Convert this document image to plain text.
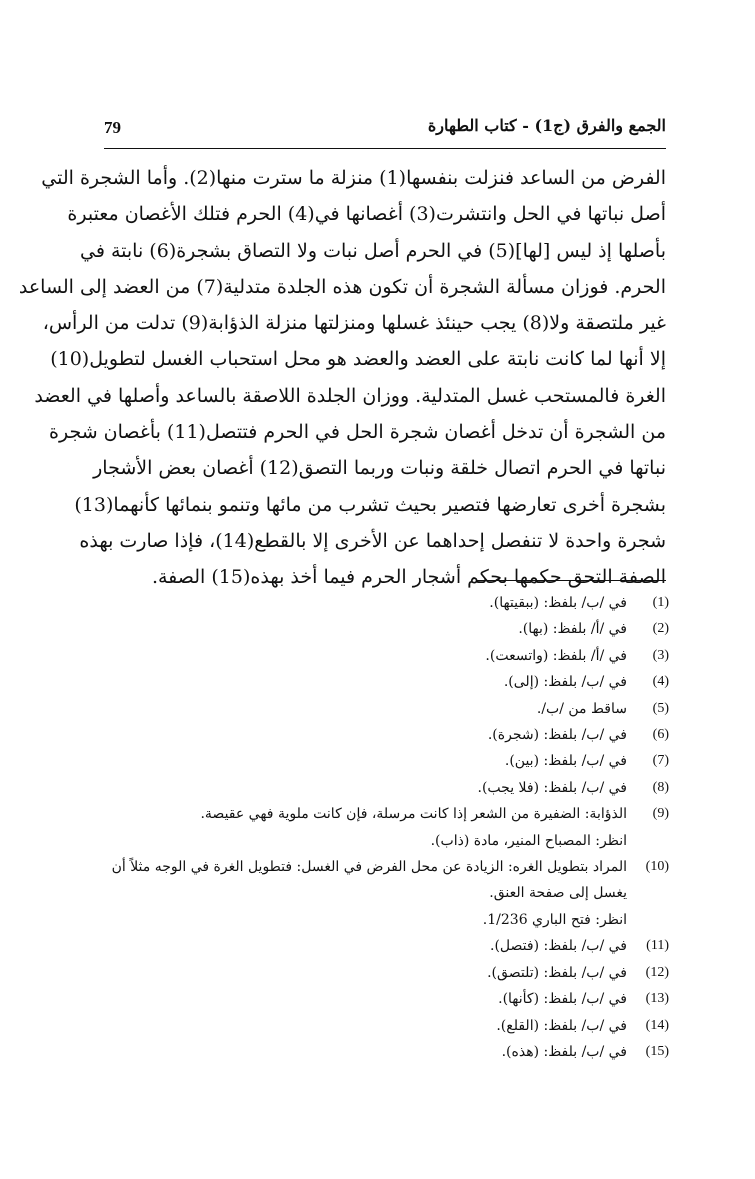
79	الجمع والفرق (ج1) - كتاب الطهارة
الفرض من الساعد فنزلت بنفسها(1) منزلة ما سترت منها(2). وأما الشجرة التي
أصل نباتها في الحل وانتشرت(3) أغصانها في(4) الحرم فتلك الأغصان معتبرة
بأصلها إذ ليس [لها](5) في الحرم أصل نبات ولا التصاق بشجرة(6) نابتة في
الحرم. فوزان مسألة الشجرة أن تكون هذه الجلدة متدلية(7) من العضد إلى الساعد
غير ملتصقة ولا(8) يجب حينئذ غسلها ومنزلتها منزلة الذؤابة(9) تدلت من الرأس،
إلا أنها لما كانت نابتة على العضد والعضد هو محل استحباب الغسل لتطويل(10)
الغرة فالمستحب غسل المتدلية. ووزان الجلدة اللاصقة بالساعد وأصلها في العضد
من الشجرة أن تدخل أغصان شجرة الحل في الحرم فتتصل(11) بأغصان شجرة
نباتها في الحرم اتصال خلقة ونبات وربما التصق(12) أغصان بعض الأشجار
بشجرة أخرى تعارضها فتصير بحيث تشرب من مائها وتنمو بنمائها كأنهما(13)
شجرة واحدة لا تنفصل إحداهما عن الأخرى إلا بالقطع(14)، فإذا صارت بهذه
الصفة التحق حكمها بحكم أشجار الحرم فيما أخذ بهذه(15) الصفة.
(1)
في /ب/ بلفظ: (ببقيتها).
(2)
في /أ/ بلفظ: (بها).
(3)
في /أ/ بلفظ: (واتسعت).
(4)
في /ب/ بلفظ: (إلى).
(5)
ساقط من /ب/.
(6)
في /ب/ بلفظ: (شجرة).
(7)
في /ب/ بلفظ: (بين).
(8)
في /ب/ بلفظ: (فلا يجب).
(9)
الذؤابة: الضفيرة من الشعر إذا كانت مرسلة، فإن كانت ملوية فهي عقيصة.
انظر: المصباح المنير، مادة (ذاب).
(10)
المراد بتطويل الغره: الزيادة عن محل الفرض في الغسل: فتطويل الغرة في الوجه مثلاً أن
يغسل إلى صفحة العنق.
انظر: فتح الباري 1/236.
(11)
في /ب/ بلفظ: (فتصل).
(12)
في /ب/ بلفظ: (تلتصق).
(13)
في /ب/ بلفظ: (كأنها).
(14)
في /ب/ بلفظ: (القلع).
(15)
في /ب/ بلفظ: (هذه).
